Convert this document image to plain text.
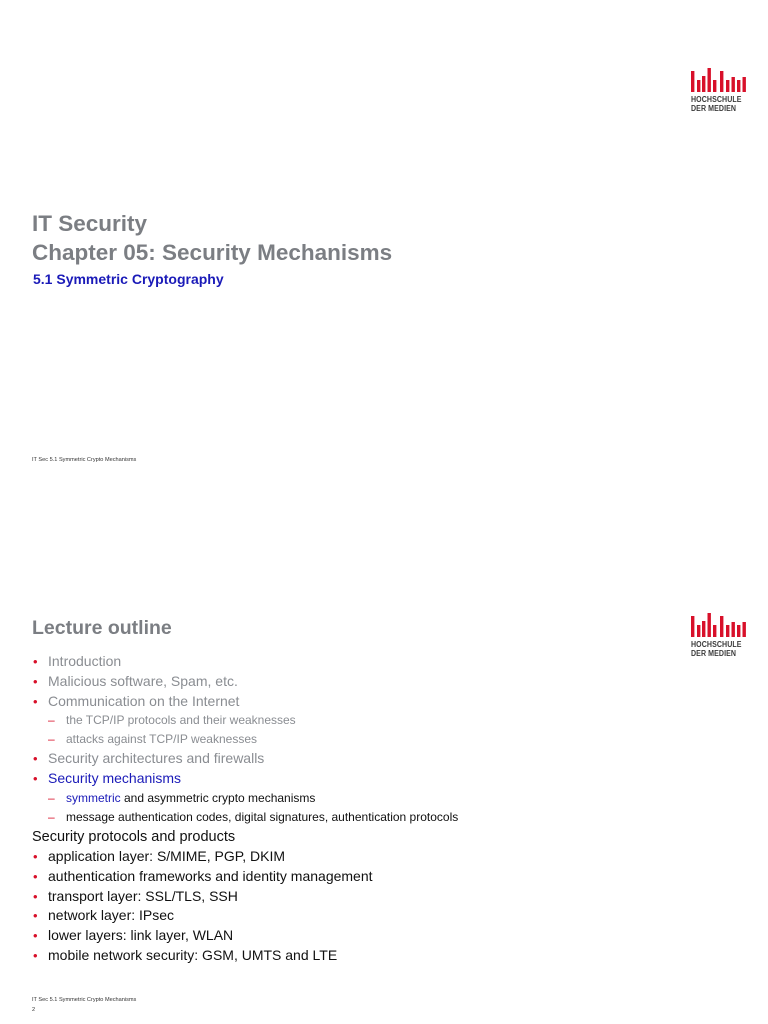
HOCHSCHULE
DER MEDIEN
IT Security
Chapter 05: Security Mechanisms
5.1 Symmetric Cryptography
IT Sec 5.1 Symmetric Crypto Mechanisms
HOCHSCHULE
DER MEDIEN
Lecture outline
• Introduction
• Malicious software, Spam, etc.
• Communication on the Internet
– the TCP/IP protocols and their weaknesses
– attacks against TCP/IP weaknesses
• Security architectures and firewalls
• Security mechanisms
– symmetric and asymmetric crypto mechanisms
– message authentication codes, digital signatures, authentication protocols
Security protocols and products
• application layer: S/MIME, PGP, DKIM
• authentication frameworks and identity management
• transport layer: SSL/TLS, SSH
• network layer: IPsec
• lower layers: link layer, WLAN
• mobile network security: GSM, UMTS and LTE
IT Sec 5.1 Symmetric Crypto Mechanisms
2
